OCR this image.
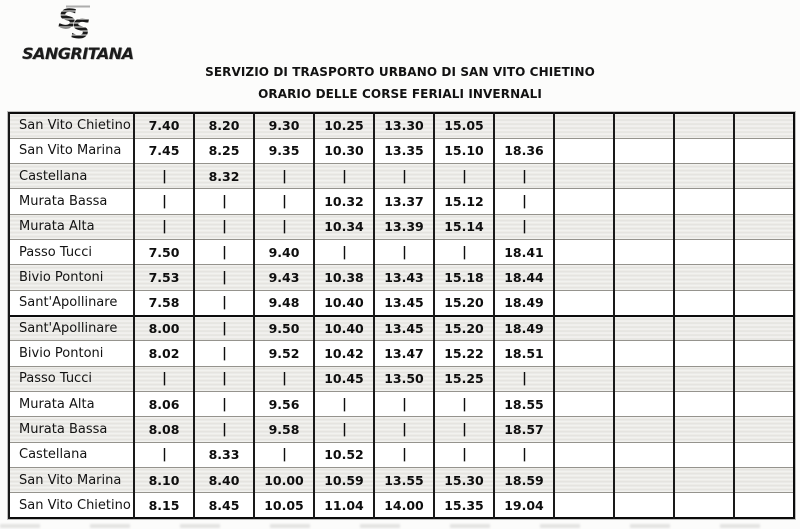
S
S
SANGRITANA
SERVIZIO DI TRASPORTO URBANO DI SAN VITO CHIETINO
ORARIO DELLE CORSE FERIALI INVERNALI
San Vito Chietino	7.40	8.20	9.30	10.25	13.30	15.05					
San Vito Marina	7.45	8.25	9.35	10.30	13.35	15.10	18.36				
Castellana	|	8.32	|	|	|	|	|				
Murata Bassa	|	|	|	10.32	13.37	15.12	|				
Murata Alta	|	|	|	10.34	13.39	15.14	|				
Passo Tucci	7.50	|	9.40	|	|	|	18.41				
Bivio Pontoni	7.53	|	9.43	10.38	13.43	15.18	18.44				
Sant'Apollinare	7.58	|	9.48	10.40	13.45	15.20	18.49				
Sant'Apollinare	8.00	|	9.50	10.40	13.45	15.20	18.49				
Bivio Pontoni	8.02	|	9.52	10.42	13.47	15.22	18.51				
Passo Tucci	|	|	|	10.45	13.50	15.25	|				
Murata Alta	8.06	|	9.56	|	|	|	18.55				
Murata Bassa	8.08	|	9.58	|	|	|	18.57				
Castellana	|	8.33	|	10.52	|	|	|				
San Vito Marina	8.10	8.40	10.00	10.59	13.55	15.30	18.59				
San Vito Chietino	8.15	8.45	10.05	11.04	14.00	15.35	19.04				
